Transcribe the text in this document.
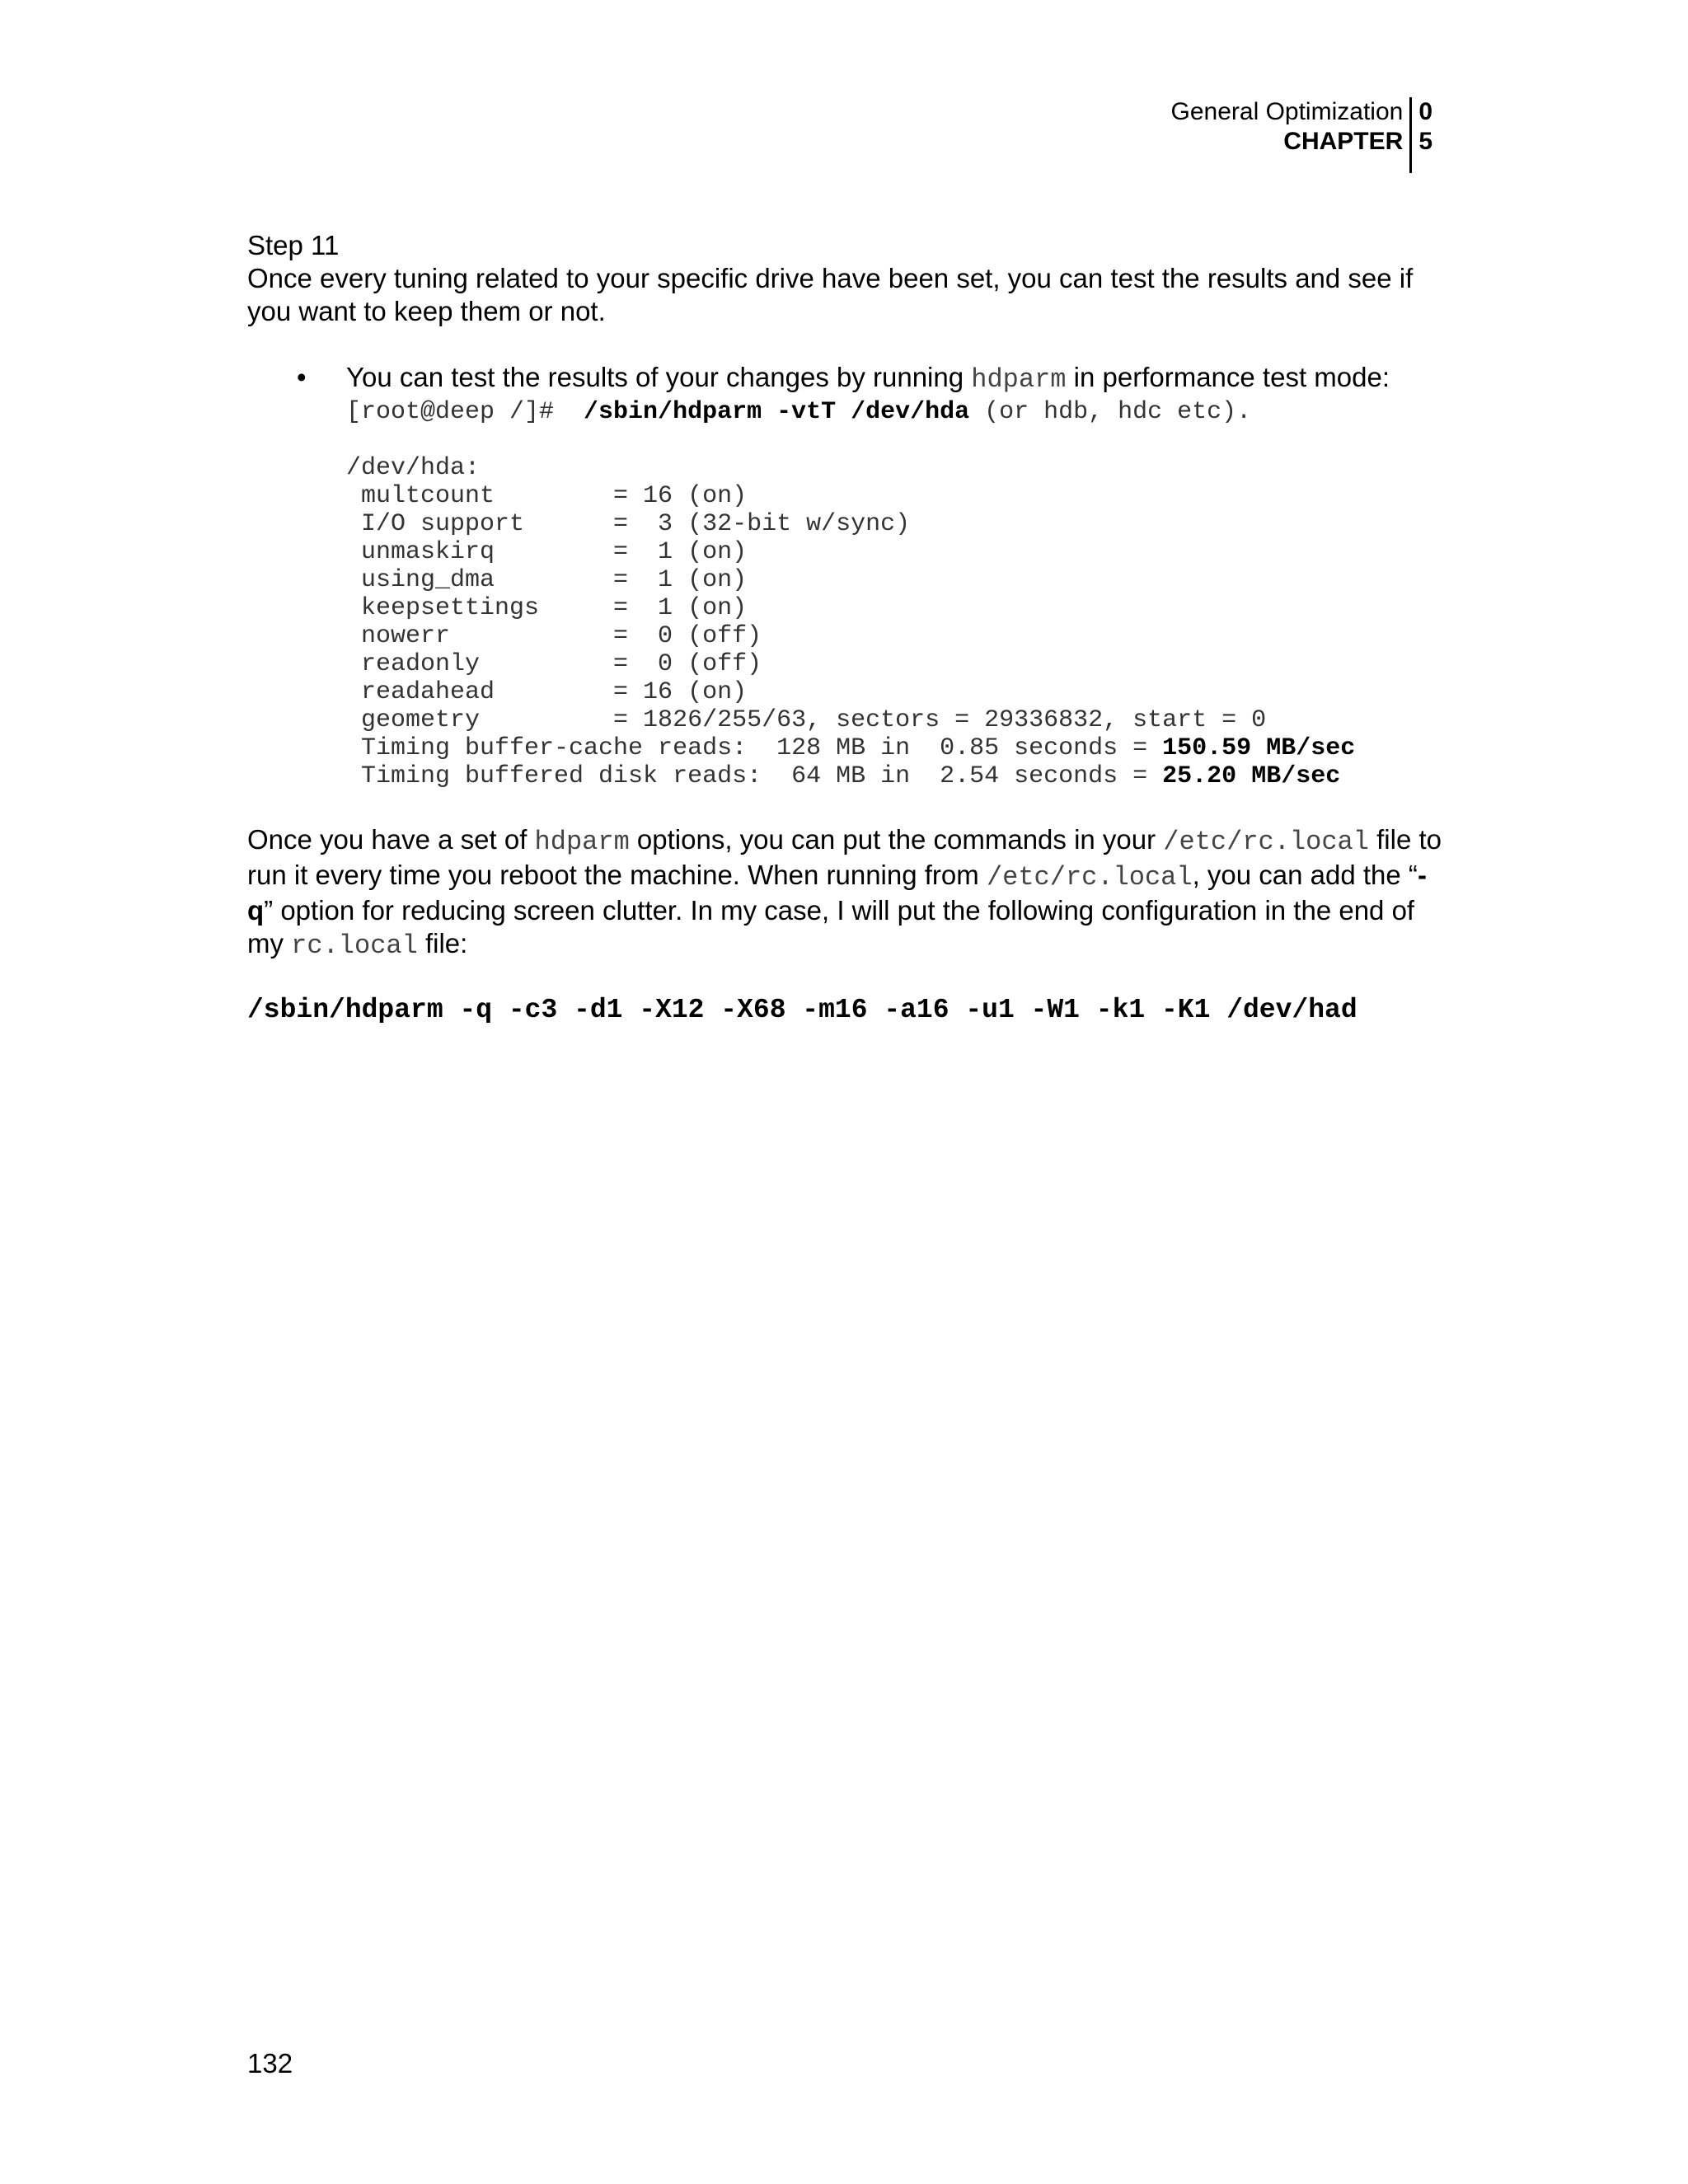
General Optimization
CHAPTER
0
5
Step 11

Once every tuning related to your specific drive have been set, you can test the results and see if you want to keep them or not.

•	You can test the results of your changes by running hdparm in performance test mode:

[root@deep /]#  /sbin/hdparm -vtT /dev/hda (or hdb, hdc etc).
/dev/hda:
multcount        = 16 (on)
I/O support      =  3 (32-bit w/sync)
unmaskirq        =  1 (on)
using_dma        =  1 (on)
keepsettings     =  1 (on)
nowerr           =  0 (off)
readonly         =  0 (off)
readahead        = 16 (on)
geometry         = 1826/255/63, sectors = 29336832, start = 0
Timing buffer-cache reads:  128 MB in  0.85 seconds = 150.59 MB/sec
Timing buffered disk reads:  64 MB in  2.54 seconds = 25.20 MB/sec

Once you have a set of hdparm options, you can put the commands in your /etc/rc.local file to run it every time you reboot the machine. When running from /etc/rc.local, you can add the “-q” option for reducing screen clutter. In my case, I will put the following configuration in the end of my rc.local file:

/sbin/hdparm -q -c3 -d1 -X12 -X68 -m16 -a16 -u1 -W1 -k1 -K1 /dev/had
132
